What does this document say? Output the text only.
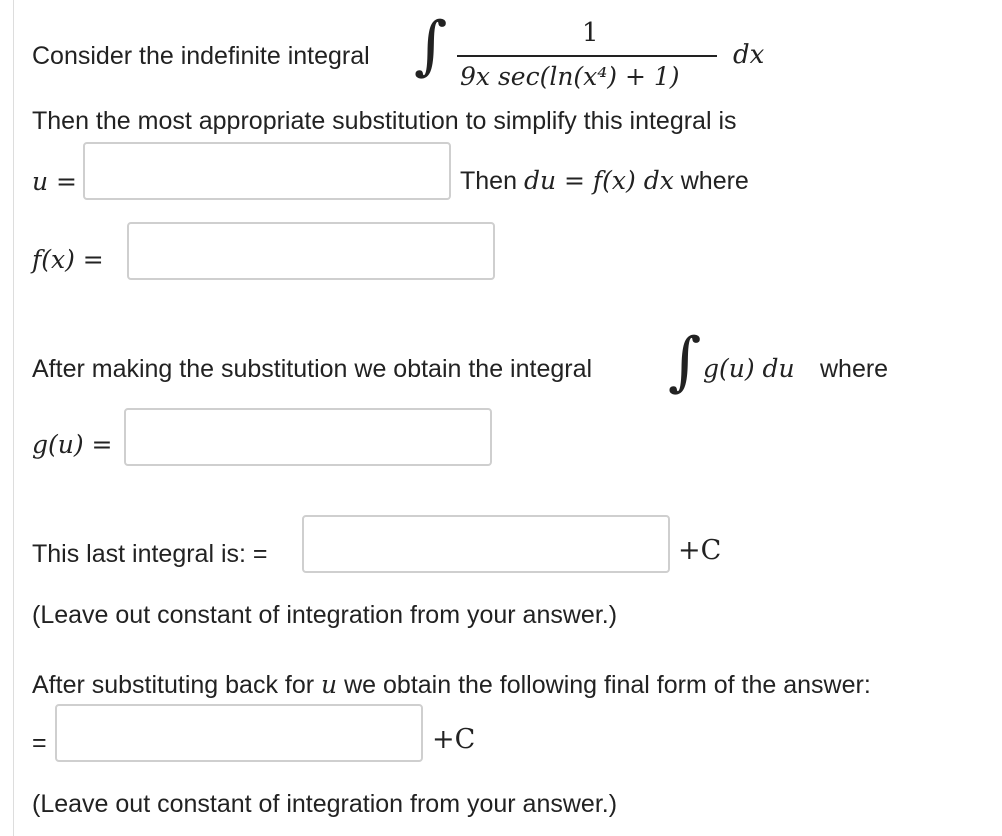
Consider the indefinite integral ∫	1
9x sec(ln(x⁴) + 1)
dx
Then the most appropriate substitution to simplify this integral is
u =	Then du = f(x) dx where
f(x) =
After making the substitution we obtain the integral ∫ g(u) du where
g(u) =
This last integral is: =	+C
(Leave out constant of integration from your answer.)
After substituting back for u we obtain the following final form of the answer:
=	+C
(Leave out constant of integration from your answer.)
